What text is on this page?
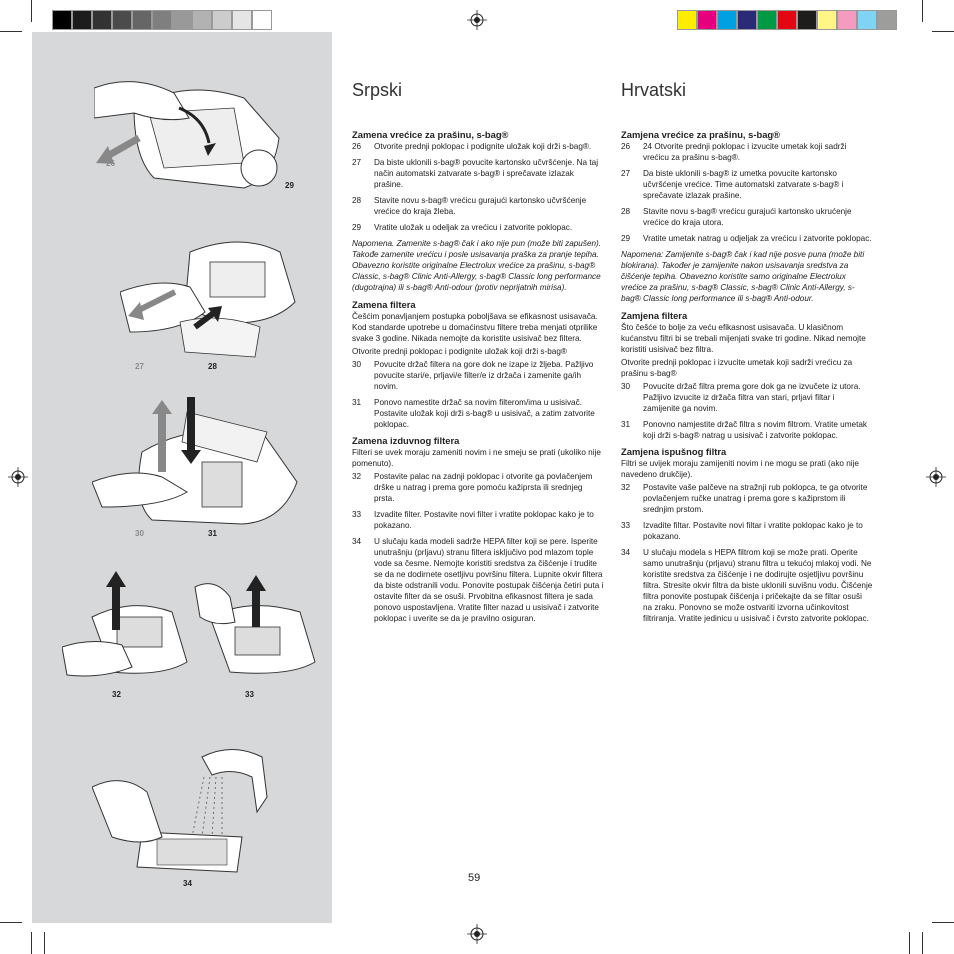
26
29
27	28
30	31
32	33
34
Srpski
Zamena vrećice za prašinu, s-bag®
26	Otvorite prednji poklopac i podignite uložak koji drži s-bag®.
27	Da biste uklonili s-bag® povucite kartonsko učvršćenje. Na taj način automatski zatvarate s-bag® i sprečavate izlazak prašine.
28	Stavite novu s-bag® vrećicu gurajući kartonsko učvršćenje vrećice do kraja žleba.
29	Vratite uložak u odeljak za vrećicu i zatvorite poklopac.
Napomena. Zamenite s-bag® čak i ako nije pun (može biti zapušen). Takođe zamenite vrećicu i posle usisavanja praška za pranje tepiha. Obavezno koristite originalne Electrolux vrećice za prašinu, s-bag® Classic, s-bag® Clinic Anti-Allergy, s-bag® Classic long performance (dugotrajna) ili s-bag® Anti-odour (protiv neprijatnih mirisa).
Zamena filtera
Češćim ponavljanjem postupka poboljšava se efikasnost usisavača. Kod standarde upotrebe u domaćinstvu filtere treba menjati otprilike svake 3 godine. Nikada nemojte da koristite usisivač bez filtera.
Otvorite prednji poklopac i podignite uložak koji drži s-bag®
30	Povucite držač filtera na gore dok ne izape iz žljeba. Pažljivo povucite stari/e, prljavi/e filter/e iz držača i zamenite ga/ih novim.
31	Ponovo namestite držač sa novim filterom/ima u usisivač. Postavite uložak koji drži s-bag® u usisivač, a zatim zatvorite poklopac.
Zamena izduvnog filtera
Filteri se uvek moraju zameniti novim i ne smeju se prati (ukoliko nije pomenuto).
32	Postavite palac na zadnji poklopac i otvorite ga povlačenjem drške u natrag i prema gore pomoću kažiprsta ili srednjeg prsta.
33	Izvadite filter. Postavite novi filter i vratite poklopac kako je to pokazano.
34	U slučaju kada modeli sadrže HEPA filter koji se pere. Isperite unutrašnju (prljavu) stranu filtera isključivo pod mlazom tople vode sa česme. Nemojte koristiti sredstva za čišćenje i trudite se da ne dodirnete osetljivu površinu filtera. Lupnite okvir filtera da biste odstranili vodu. Ponovite postupak čišćenja četiri puta i ostavite filter da se osuši. Prvobitna efikasnost filtera je sada ponovo uspostavljena. Vratite filter nazad u usisivač i zatvorite poklopac i uverite se da je pravilno osiguran.
Hrvatski
Zamjena vrećice za prašinu, s-bag®
26	24 Otvorite prednji poklopac i izvucite umetak koji sadrži vrećicu za prašinu s-bag®.
27	Da biste uklonili s-bag® iz umetka povucite kartonsko učvršćenje vrećice. Time automatski zatvarate s-bag® i sprečavate izlazak prašine.
28	Stavite novu s-bag® vrećicu gurajući kartonsko ukrućenje vrećice do kraja utora.
29	Vratite umetak natrag u odjeljak za vrećicu i zatvorite poklopac.
Napomena: Zamijenite s-bag® čak i kad nije posve puna (može biti blokirana). Također je zamijenite nakon usisavanja sredstva za čišćenje tepiha. Obavezno koristite samo originalne Electrolux vrećice za prašinu, s-bag® Classic, s-bag® Clinic Anti-Allergy, s-bag® Classic long performance ili s-bag® Anti-odour.
Zamjena filtera
Što češće to bolje za veću efikasnost usisavača. U klasičnom kućanstvu filtri bi se trebali mijenjati svake tri godine. Nikad nemojte koristiti usisivač bez filtra.
Otvorite prednji poklopac i izvucite umetak koji sadrži vrećicu za prašinu s-bag®
30	Povucite držač filtra prema gore dok ga ne izvučete iz utora. Pažljivo izvucite iz držača filtra van stari, prljavi filtar i zamijenite ga novim.
31	Ponovno namjestite držač filtra s novim filtrom. Vratite umetak koji drži s-bag® natrag u usisivač i zatvorite poklopac.
Zamjena ispušnog filtra
Filtri se uvijek moraju zamijeniti novim i ne mogu se prati (ako nije navedeno drukčije).
32	Postavite vaše palčeve na stražnji rub poklopca, te ga otvorite povlačenjem ručke unatrag i prema gore s kažiprstom ili srednjim prstom.
33	Izvadite filtar. Postavite novi filtar i vratite poklopac kako je to pokazano.
34	U slučaju modela s HEPA filtrom koji se može prati. Operite samo unutrašnju (prljavu) stranu filtra u tekućoj mlakoj vodi. Ne koristite sredstva za čišćenje i ne dodirujte osjetljivu površinu filtra. Stresite okvir filtra da biste uklonili suvišnu vodu. Čišćenje filtra ponovite postupak čišćenja i pričekajte da se filtar osuši na zraku. Ponovno se može ostvariti izvorna učinkovitost filtriranja. Vratite jedinicu u usisivač i čvrsto zatvorite poklopac.
59
